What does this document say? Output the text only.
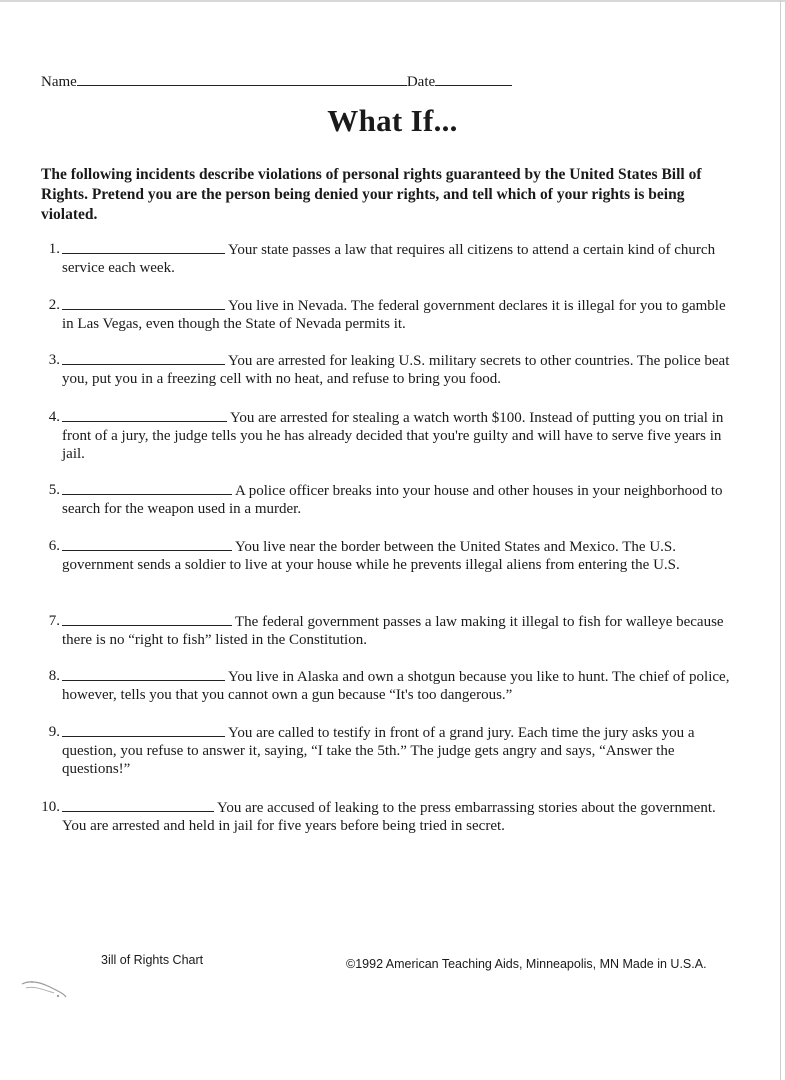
Name	Date
What If...
The following incidents describe violations of personal rights guaranteed by the United States Bill of Rights. Pretend you are the person being denied your rights, and tell which of your rights is being violated.
1.	Your state passes a law that requires all citizens to attend a certain kind of church service each week.
2.	You live in Nevada. The federal government declares it is illegal for you to gamble in Las Vegas, even though the State of Nevada permits it.
3.	You are arrested for leaking U.S. military secrets to other countries. The police beat you, put you in a freezing cell with no heat, and refuse to bring you food.
4.	You are arrested for stealing a watch worth $100. Instead of putting you on trial in front of a jury, the judge tells you he has already decided that you're guilty and will have to serve five years in jail.
5.	A police officer breaks into your house and other houses in your neighborhood to search for the weapon used in a murder.
6.	You live near the border between the United States and Mexico. The U.S. government sends a soldier to live at your house while he prevents illegal aliens from entering the U.S.
7.	The federal government passes a law making it illegal to fish for walleye because there is no “right to fish” listed in the Constitution.
8.	You live in Alaska and own a shotgun because you like to hunt. The chief of police, however, tells you that you cannot own a gun because “It's too dangerous.”
9.	You are called to testify in front of a grand jury. Each time the jury asks you a question, you refuse to answer it, saying, “I take the 5th.” The judge gets angry and says, “Answer the questions!”
10.	You are accused of leaking to the press embarrassing stories about the government. You are arrested and held in jail for five years before being tried in secret.
3ill of Rights Chart	©1992 American Teaching Aids, Minneapolis, MN Made in U.S.A.
